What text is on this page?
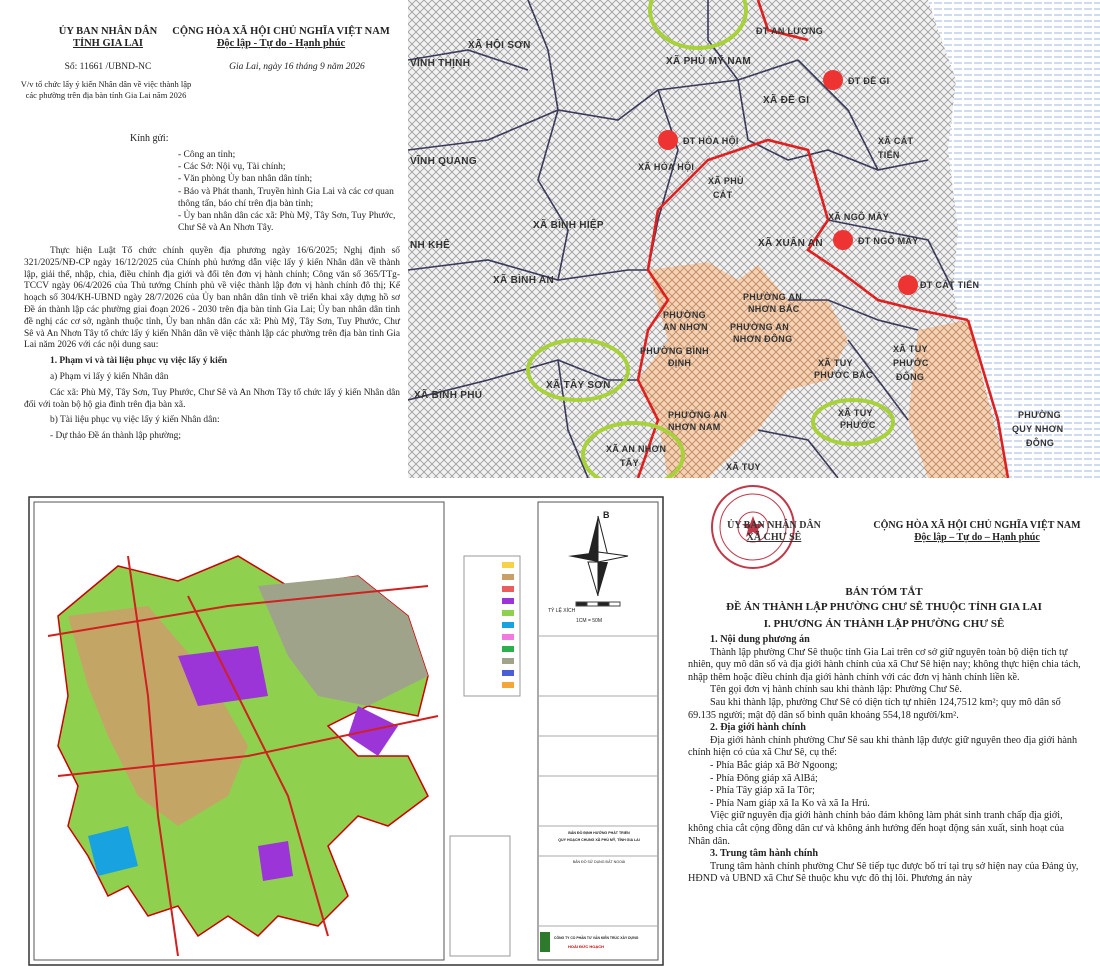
ỦY BAN NHÂN DÂN
TỈNH GIA LAI
CỘNG HÒA XÃ HỘI CHỦ NGHĨA VIỆT NAM
Độc lập - Tự do - Hạnh phúc
Số: 11661 /UBND-NC
V/v tổ chức lấy ý kiến Nhân dân về việc thành lập các phường trên địa bàn tỉnh Gia Lai năm 2026
Gia Lai, ngày 16 tháng 9 năm 2026
Kính gửi:
- Công an tỉnh;
- Các Sở: Nội vụ, Tài chính;
- Văn phòng Ủy ban nhân dân tỉnh;
- Báo và Phát thanh, Truyền hình Gia Lai và các cơ quan thông tấn, báo chí trên địa bàn tỉnh;
- Ủy ban nhân dân các xã: Phù Mỹ, Tây Sơn, Tuy Phước, Chư Sê và An Nhơn Tây.

Thực hiện Luật Tổ chức chính quyền địa phương ngày 16/6/2025; Nghị định số 321/2025/NĐ-CP ngày 16/12/2025 của Chính phủ hướng dẫn việc lấy ý kiến Nhân dân về thành lập, giải thể, nhập, chia, điều chỉnh địa giới và đổi tên đơn vị hành chính; Công văn số 365/TTg-TCCV ngày 06/4/2026 của Thủ tướng Chính phủ về việc thành lập đơn vị hành chính đô thị; Kế hoạch số 304/KH-UBND ngày 28/7/2026 của Ủy ban nhân dân tỉnh về triển khai xây dựng hồ sơ Đề án thành lập các phường giai đoạn 2026 - 2030 trên địa bàn tỉnh Gia Lai; Ủy ban nhân dân tỉnh đề nghị các cơ sở, ngành thuộc tỉnh, Ủy ban nhân dân các xã: Phù Mỹ, Tây Sơn, Tuy Phước, Chư Sê và An Nhơn Tây tổ chức lấy ý kiến Nhân dân về việc thành lập các phường trên địa bàn tỉnh Gia Lai năm 2026 với các nội dung sau:

1. Phạm vi và tài liệu phục vụ việc lấy ý kiến

a) Phạm vi lấy ý kiến Nhân dân

Các xã: Phù Mỹ, Tây Sơn, Tuy Phước, Chư Sê và An Nhơn Tây tổ chức lấy ý kiến Nhân dân đối với toàn bộ hộ gia đình trên địa bàn xã.

b) Tài liệu phục vụ việc lấy ý kiến Nhân dân:

- Dự thảo Đề án thành lập phường;

XÃ HỘI SƠN
XÃ PHÙ MỸ NAM
XÃ ĐỀ GI
ĐT AN LƯƠNG
ĐT ĐỀ GI
VĨNH THỊNH
VĨNH QUANG	XÃ HÒA HỘI
ĐT HÒA HỘI	XÃ CÁT
TIẾN
XÃ PHÙ
CÁT
XÃ NGÔ MÂY
XÃ BÌNH HIỆP
XÃ XUÂN AN	ĐT NGÔ MÂY
NH KHÊ
XÃ BÌNH AN	ĐT CÁT TIẾN
PHƯỜNG
AN NHƠN
PHƯỜNG AN
NHƠN BẮC
PHƯỜNG AN
NHƠN ĐÔNG
PHƯỜNG BÌNH
ĐỊNH	XÃ TUY
PHƯỚC BẮC
XÃ TUY
PHƯỚC
ĐÔNG
XÃ TÂY SƠN
XÃ BÌNH PHÚ
PHƯỜNG AN
NHƠN NAM
XÃ TUY
PHƯỚC
PHƯỜNG
QUY NHƠN
ĐÔNG
XÃ AN NHƠN
TÂY	XÃ TUY
B
TỶ LỆ XÍCH
1CM = 50M
BẢN ĐỒ ĐỊNH HƯỚNG PHÁT TRIỂN
QUY HOẠCH CHUNG XÃ PHÙ MỸ, TỈNH GIA LAI
BẢN ĐỒ SỬ DỤNG ĐẤT NGOÀI
CÔNG TY CỔ PHẦN TƯ VẤN KIẾN TRÚC XÂY DỰNG
HOÀI ĐỨC HOẠCH
ỦY BAN NHÂN DÂN
XÃ CHƯ SÊ
CỘNG HÒA XÃ HỘI CHỦ NGHĨA VIỆT NAM
Độc lập – Tự do – Hạnh phúc
BẢN TÓM TẮT
ĐỀ ÁN THÀNH LẬP PHƯỜNG CHƯ SÊ THUỘC TỈNH GIA LAI
I. PHƯƠNG ÁN THÀNH LẬP PHƯỜNG CHƯ SÊ

1. Nội dung phương án

Thành lập phường Chư Sê thuộc tỉnh Gia Lai trên cơ sở giữ nguyên toàn bộ diện tích tự nhiên, quy mô dân số và địa giới hành chính của xã Chư Sê hiện nay; không thực hiện chia tách, nhập thêm hoặc điều chỉnh địa giới hành chính với các đơn vị hành chính liền kề.

Tên gọi đơn vị hành chính sau khi thành lập: Phường Chư Sê.

Sau khi thành lập, phường Chư Sê có diện tích tự nhiên 124,7512 km²; quy mô dân số 69.135 người; mật độ dân số bình quân khoảng 554,18 người/km².

2. Địa giới hành chính

Địa giới hành chính phường Chư Sê sau khi thành lập được giữ nguyên theo địa giới hành chính hiện có của xã Chư Sê, cụ thể:

- Phía Bắc giáp xã Bờ Ngoong;

- Phía Đông giáp xã AlBá;

- Phía Tây giáp xã Ia Tôr;

- Phía Nam giáp xã Ia Ko và xã Ia Hrú.

Việc giữ nguyên địa giới hành chính bảo đảm không làm phát sinh tranh chấp địa giới, không chia cắt cộng đồng dân cư và không ảnh hưởng đến hoạt động sản xuất, sinh hoạt của Nhân dân.

3. Trung tâm hành chính

Trung tâm hành chính phường Chư Sê tiếp tục được bố trí tại trụ sở hiện nay của Đảng ủy, HĐND và UBND xã Chư Sê thuộc khu vực đô thị lõi. Phương án này
